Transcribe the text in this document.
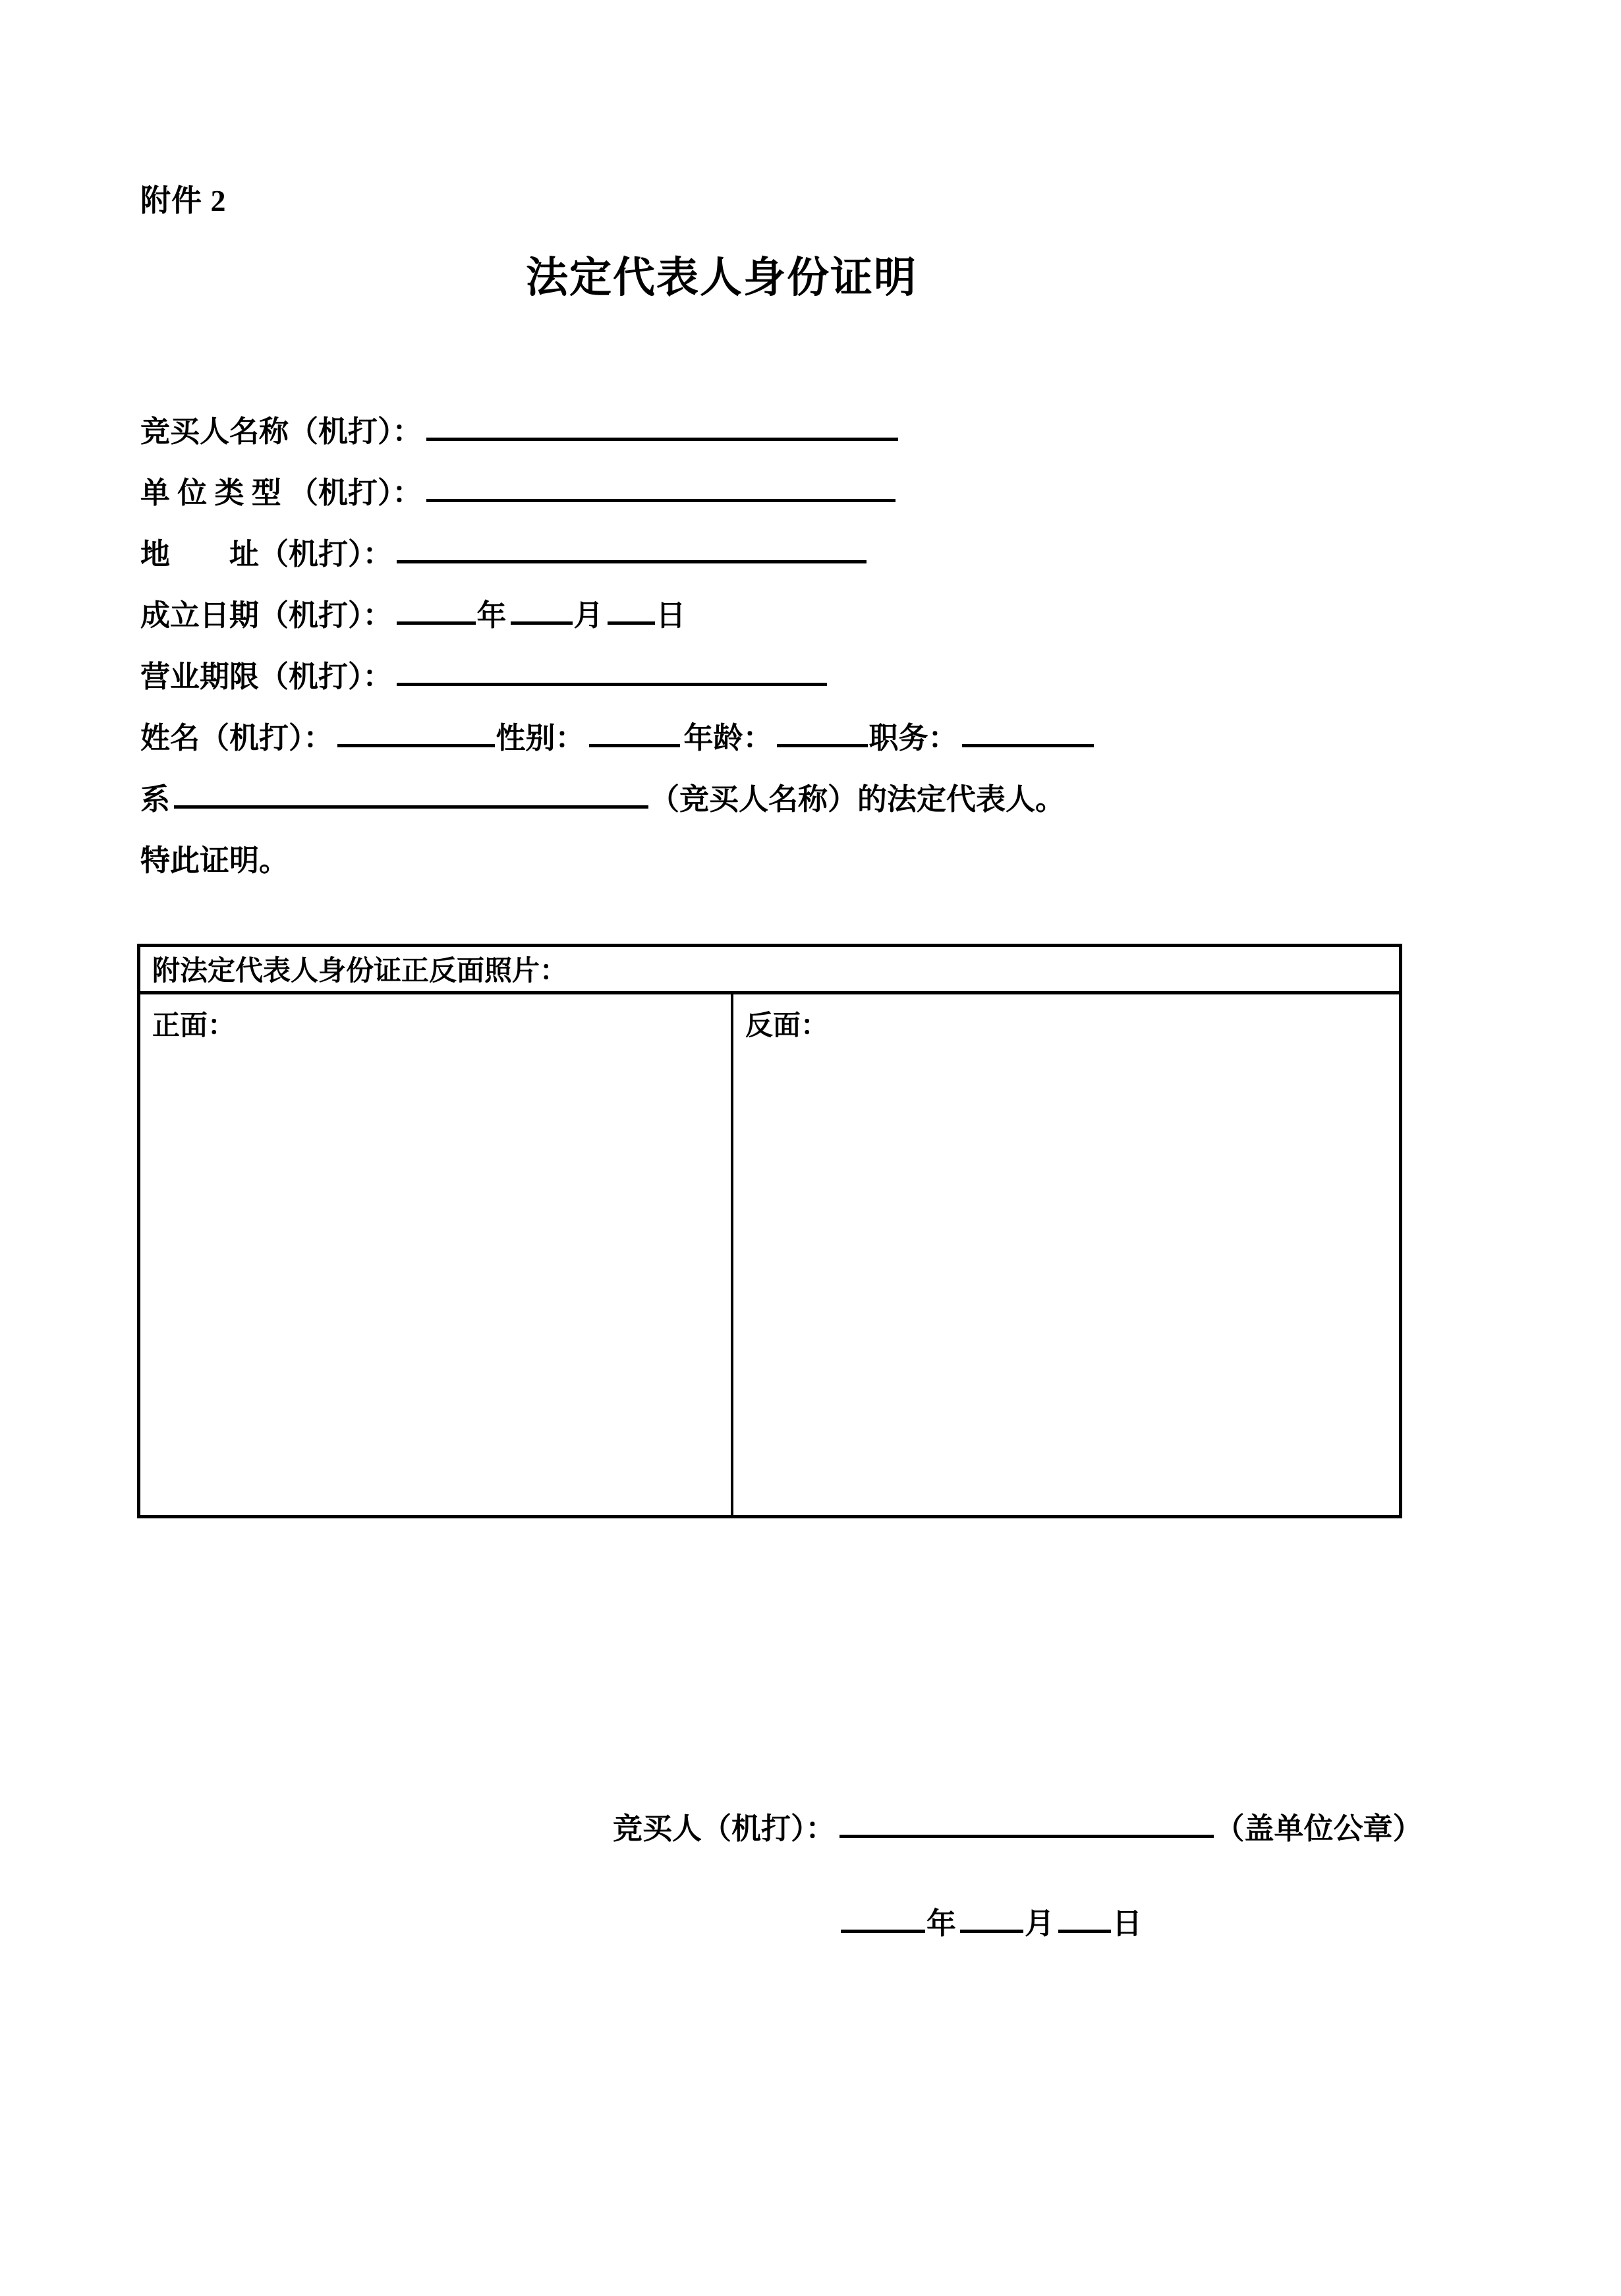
附件 2
法定代表人身份证明
竞买人名称（机打）：
单 位 类 型 （机打）：
地　　址（机打）：
成立日期（机打）：	年 月 日
营业期限（机打）：
姓名（机打）：	性别：	年龄：	职务：
系	（竞买人名称）的法定代表人。
特此证明。
附法定代表人身份证正反面照片：
正面：	反面：
竞买人（机打）：	（盖单位公章）
年 月 日
